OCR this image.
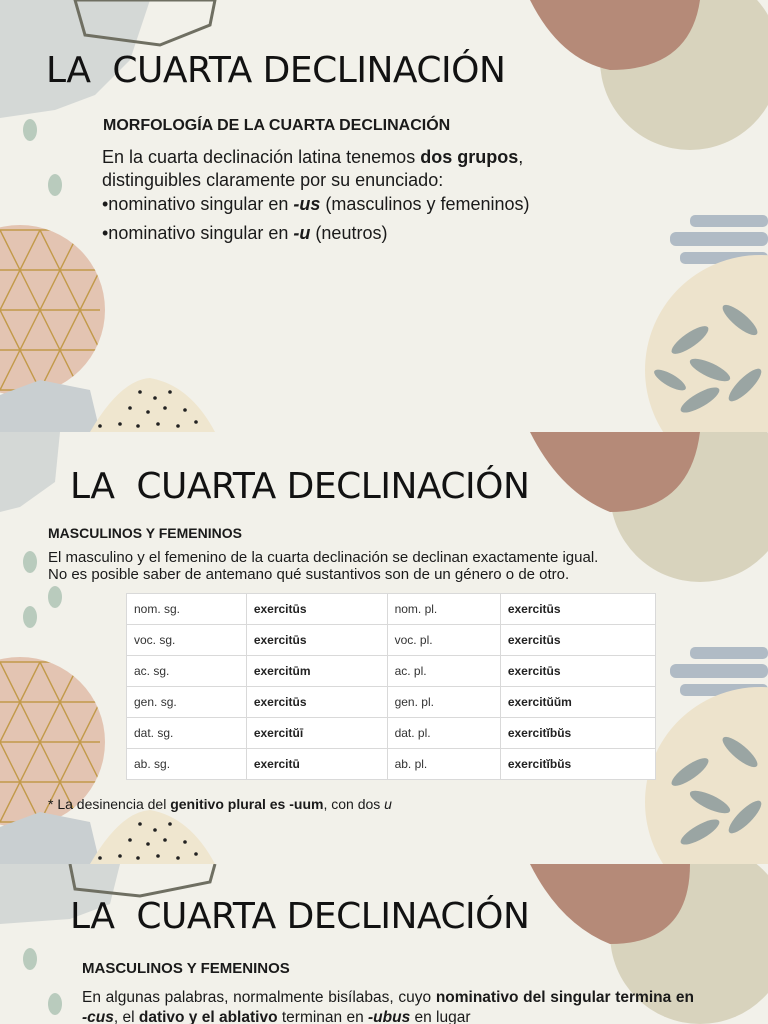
LA  CUARTA DECLINACIÓN
MORFOLOGÍA DE LA CUARTA DECLINACIÓN
En la cuarta declinación latina tenemos dos grupos,
distinguibles claramente por su enunciado:
•nominativo singular en -us (masculinos y femeninos)
•nominativo singular en -u (neutros)
LA  CUARTA DECLINACIÓN
MASCULINOS Y FEMENINOS
El masculino y el femenino de la cuarta declinación se declinan exactamente igual.
No es posible saber de antemano qué sustantivos son de un género o de otro.
nom. sg.	exercitūs	nom. pl.	exercitūs
voc. sg.	exercitūs	voc. pl.	exercitūs
ac. sg.	exercitūm	ac. pl.	exercitūs
gen. sg.	exercitūs	gen. pl.	exercitŭŭm
dat. sg.	exercitŭī	dat. pl.	exercitĭbŭs
ab. sg.	exercitū	ab. pl.	exercitĭbŭs
* La desinencia del genitivo plural es -uum, con dos u
LA  CUARTA DECLINACIÓN
MASCULINOS Y FEMENINOS
En algunas palabras, normalmente bisílabas, cuyo nominativo del singular termina en -cus, el dativo y el ablativo terminan en -ubus en lugar
